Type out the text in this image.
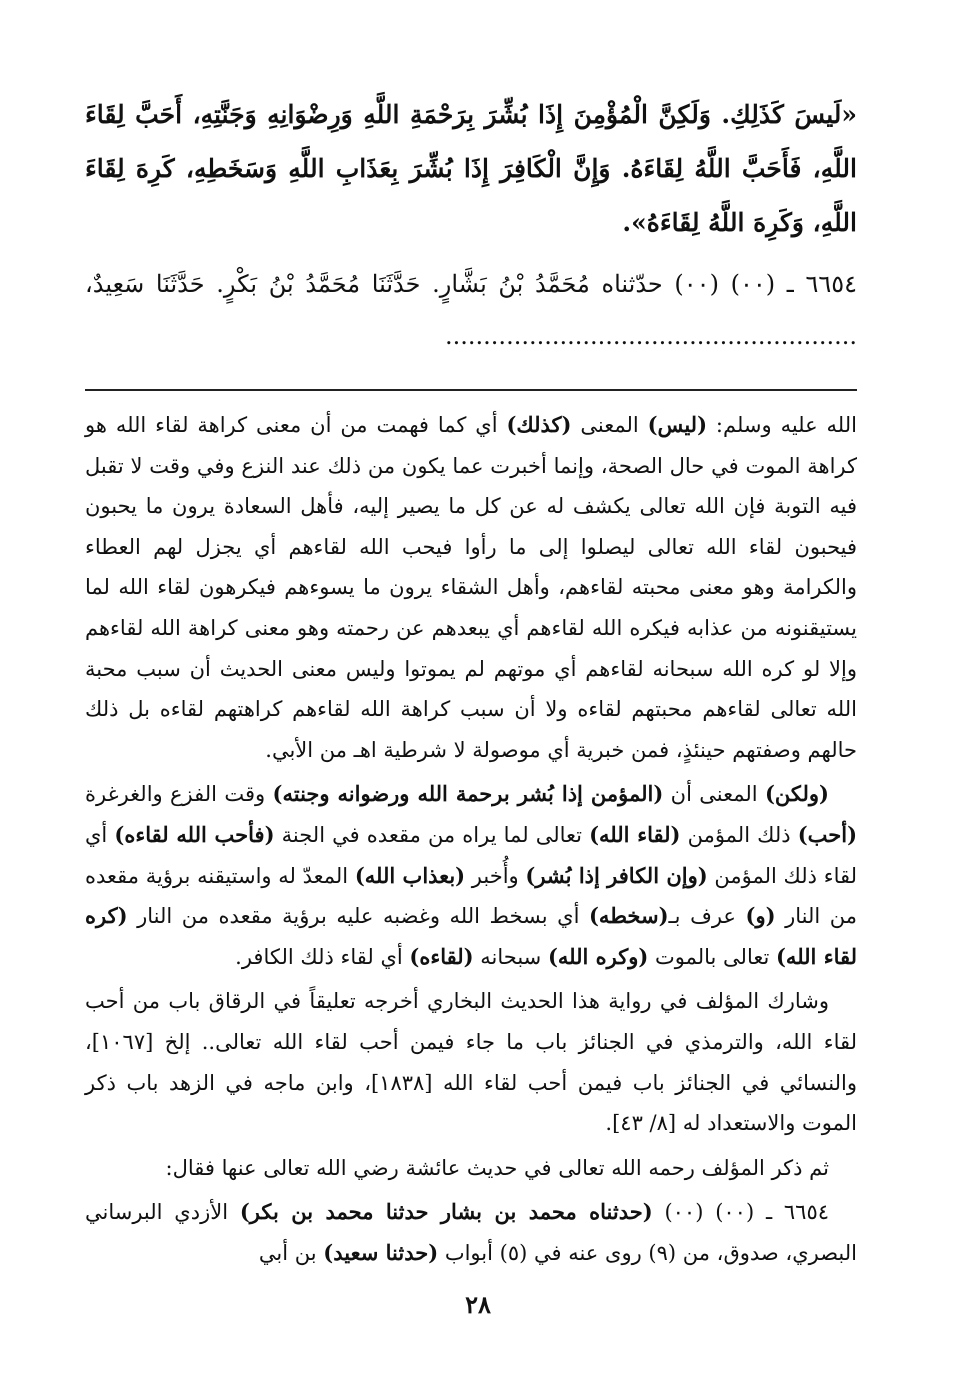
«لَيسَ كَذَلِكِ. وَلَكِنَّ الْمُؤْمِنَ إِذَا بُشِّرَ بِرَحْمَةِ اللَّهِ وَرِضْوَانِهِ وَجَنَّتِهِ، أَحَبَّ لِقَاءَ اللَّهِ، فَأَحَبَّ اللَّهُ لِقَاءَهُ. وَإِنَّ الْكَافِرَ إِذَا بُشِّرَ بِعَذَابِ اللَّهِ وَسَخَطِهِ، كَرِهَ لِقَاءَ اللَّهِ، وَكَرِهَ اللَّهُ لِقَاءَهُ».

٦٦٥٤ ـ (٠٠) (٠٠) حدّثناه مُحَمَّدُ بْنُ بَشَّارٍ. حَدَّثَنَا مُحَمَّدُ بْنُ بَكْرٍ. حَدَّثَنَا سَعِيدٌ، ......................................................

الله عليه وسلم: (ليس) المعنى (كذلك) أي كما فهمت من أن معنى كراهة لقاء الله هو كراهة الموت في حال الصحة، وإنما أخبرت عما يكون من ذلك عند النزع وفي وقت لا تقبل فيه التوبة فإن الله تعالى يكشف له عن كل ما يصير إليه، فأهل السعادة يرون ما يحبون فيحبون لقاء الله تعالى ليصلوا إلى ما رأوا فيحب الله لقاءهم أي يجزل لهم العطاء والكرامة وهو معنى محبته لقاءهم، وأهل الشقاء يرون ما يسوءهم فيكرهون لقاء الله لما يستيقنونه من عذابه فيكره الله لقاءهم أي يبعدهم عن رحمته وهو معنى كراهة الله لقاءهم وإلا لو كره الله سبحانه لقاءهم أي موتهم لم يموتوا وليس معنى الحديث أن سبب محبة الله تعالى لقاءهم محبتهم لقاءه ولا أن سبب كراهة الله لقاءهم كراهتهم لقاءه بل ذلك حالهم وصفتهم حينئذٍ، فمن خبرية أي موصولة لا شرطية اهـ من الأبي.

(ولكن) المعنى أن (المؤمن إذا بُشر برحمة الله ورضوانه وجنته) وقت الفزع والغرغرة (أحب) ذلك المؤمن (لقاء الله) تعالى لما يراه من مقعده في الجنة (فأحب الله لقاءه) أي لقاء ذلك المؤمن (وإن الكافر إذا بُشر) وأُخبر (بعذاب الله) المعدّ له واستيقنه برؤية مقعده من النار (و) عرف بـ(سخطه) أي بسخط الله وغضبه عليه برؤية مقعده من النار (كره لقاء الله) تعالى بالموت (وكره الله) سبحانه (لقاءه) أي لقاء ذلك الكافر.

وشارك المؤلف في رواية هذا الحديث البخاري أخرجه تعليقاً في الرقاق باب من أحب لقاء الله، والترمذي في الجنائز باب ما جاء فيمن أحب لقاء الله تعالى.. إلخ [١٠٦٧]، والنسائي في الجنائز باب فيمن أحب لقاء الله [١٨٣٨]، وابن ماجه في الزهد باب ذكر الموت والاستعداد له [٨/ ٤٣].

ثم ذكر المؤلف رحمه الله تعالى في حديث عائشة رضي الله تعالى عنها فقال:

٦٦٥٤ ـ (٠٠) (٠٠) (حدثناه محمد بن بشار حدثنا محمد بن بكر) الأزدي البرساني البصري، صدوق، من (٩) روى عنه في (٥) أبواب (حدثنا سعيد) بن أبي

٢٨
